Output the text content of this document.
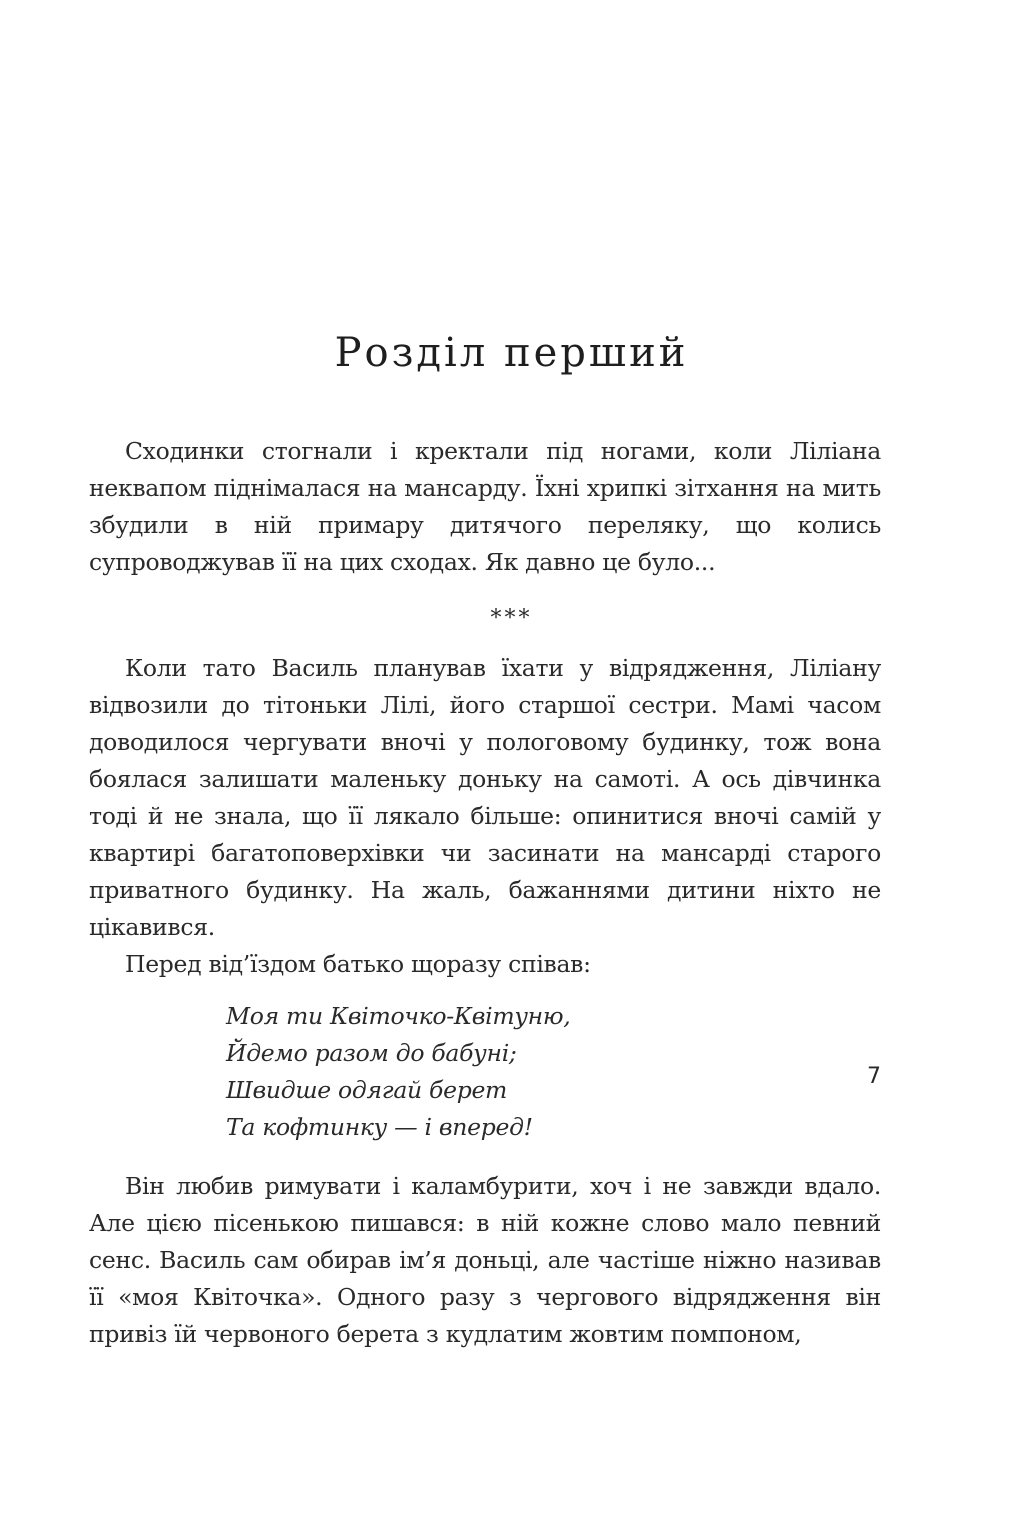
Розділ перший

Сходинки стогнали і кректали під ногами, коли Ліліана неквапом піднімалася на мансарду. Їхні хрипкі зітхання на мить збудили в ній примару дитячого переляку, що колись супроводжував її на цих сходах. Як давно це було...

***

Коли тато Василь планував їхати у відрядження, Ліліану відвозили до тітоньки Лілі, його старшої сестри. Мамі часом доводилося чергувати вночі у пологовому будинку, тож вона боялася залишати маленьку доньку на самоті. А ось дівчинка тоді й не знала, що її лякало більше: опинитися вночі самій у квартирі багатоповерхівки чи засинати на мансарді старого приватного будинку. На жаль, бажаннями дитини ніхто не цікавився.

Перед від’їздом батько щоразу співав:

Моя ти Квіточко-Квітуню,

Йдемо разом до бабуні;

Швидше одягай берет

Та кофтинку — і вперед!

Він любив римувати і каламбурити, хоч і не завжди вдало. Але цією пісенькою пишався: в ній кожне слово мало певний сенс. Василь сам обирав ім’я доньці, але частіше ніжно називав її «моя Квіточка». Одного разу з чергового відрядження він привіз їй червоного берета з кудлатим жовтим помпоном,

7
